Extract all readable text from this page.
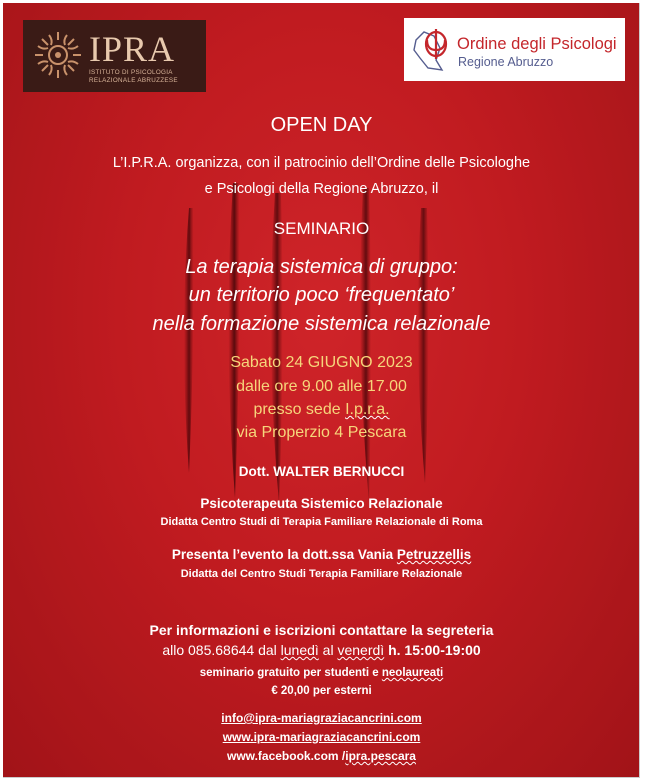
IPRA
ISTITUTO DI PSICOLOGIA
RELAZIONALE ABRUZZESE
Ordine degli Psicologi
Regione Abruzzo
OPEN DAY
L’I.P.R.A. organizza, con il patrocinio dell’Ordine delle Psicologhe
e Psicologi della Regione Abruzzo, il
SEMINARIO
La terapia sistemica di gruppo:
un territorio poco ‘frequentato’
nella formazione sistemica relazionale
Sabato 24 GIUGNO 2023
dalle ore 9.00 alle 17.00
presso sede I.p.r.a.
via Properzio 4 Pescara
Dott. WALTER BERNUCCI
Psicoterapeuta Sistemico Relazionale
Didatta Centro Studi di Terapia Familiare Relazionale di Roma
Presenta l’evento la dott.ssa Vania Petruzzellis
Didatta del Centro Studi Terapia Familiare Relazionale
Per informazioni e iscrizioni contattare la segreteria
allo 085.68644 dal lunedì al venerdì h. 15:00-19:00
seminario gratuito per studenti e neolaureati
€ 20,00 per esterni
info@ipra-mariagraziacancrini.com
www.ipra-mariagraziacancrini.com
www.facebook.com /ipra.pescara
